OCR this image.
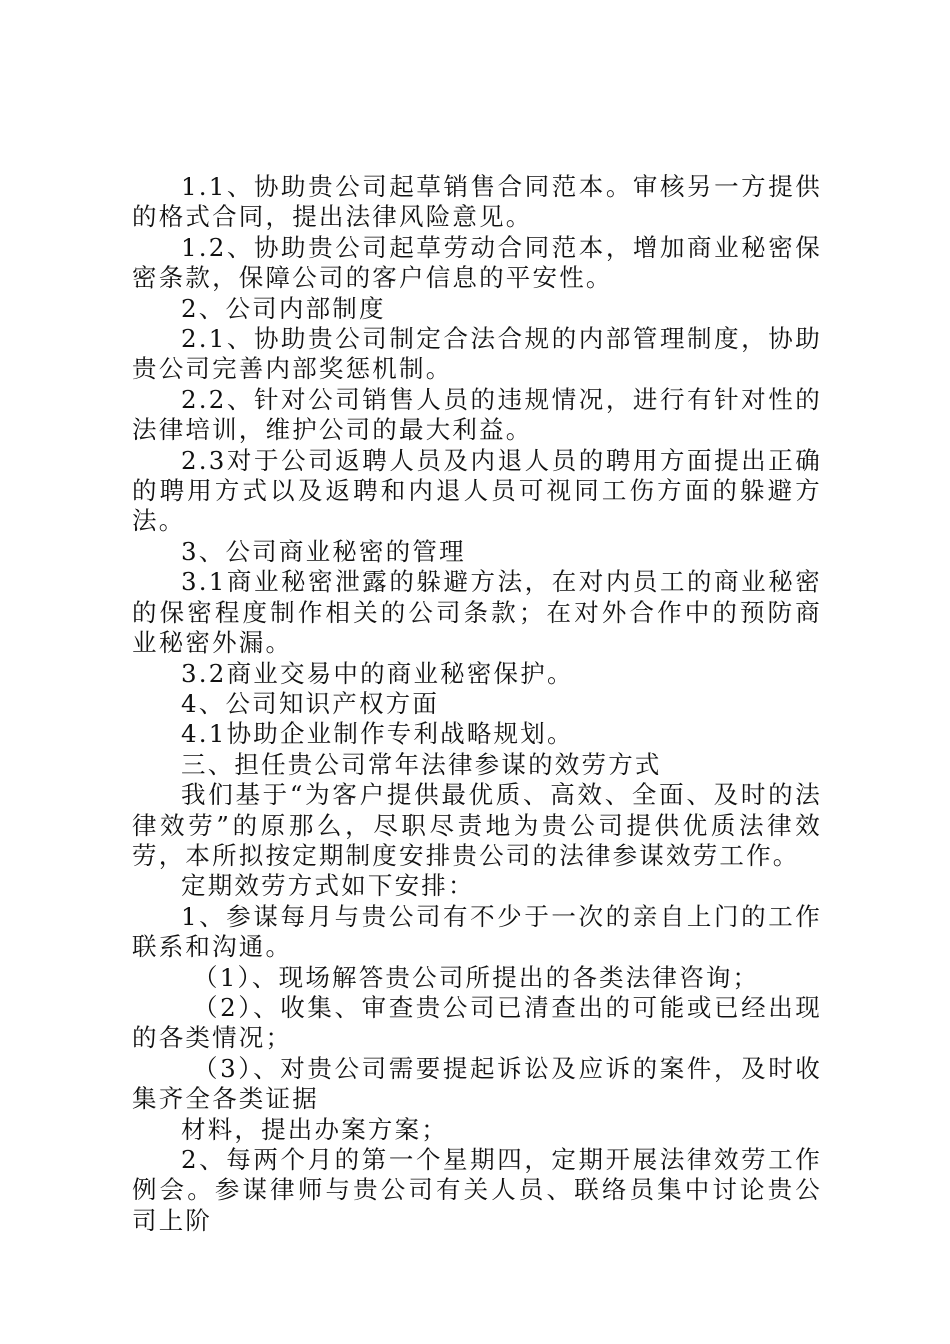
1.1、协助贵公司起草销售合同范本。审核另一方提供的格式合同，提出法律风险意见。

1.2、协助贵公司起草劳动合同范本，增加商业秘密保密条款，保障公司的客户信息的平安性。

2、公司内部制度

2.1、协助贵公司制定合法合规的内部管理制度，协助贵公司完善内部奖惩机制。

2.2、针对公司销售人员的违规情况，进行有针对性的法律培训，维护公司的最大利益。

2.3对于公司返聘人员及内退人员的聘用方面提出正确的聘用方式以及返聘和内退人员可视同工伤方面的躲避方法。

3、公司商业秘密的管理

3.1商业秘密泄露的躲避方法，在对内员工的商业秘密的保密程度制作相关的公司条款；在对外合作中的预防商业秘密外漏。

3.2商业交易中的商业秘密保护。

4、公司知识产权方面

4.1协助企业制作专利战略规划。

三、担任贵公司常年法律参谋的效劳方式

我们基于“为客户提供最优质、高效、全面、及时的法律效劳”的原那么，尽职尽责地为贵公司提供优质法律效劳，本所拟按定期制度安排贵公司的法律参谋效劳工作。

定期效劳方式如下安排：

1、参谋每月与贵公司有不少于一次的亲自上门的工作联系和沟通。

（1）、现场解答贵公司所提出的各类法律咨询；

（2）、收集、审查贵公司已清查出的可能或已经出现的各类情况；

（3）、对贵公司需要提起诉讼及应诉的案件，及时收集齐全各类证据

材料，提出办案方案；

2、每两个月的第一个星期四，定期开展法律效劳工作例会。参谋律师与贵公司有关人员、联络员集中讨论贵公司上阶
